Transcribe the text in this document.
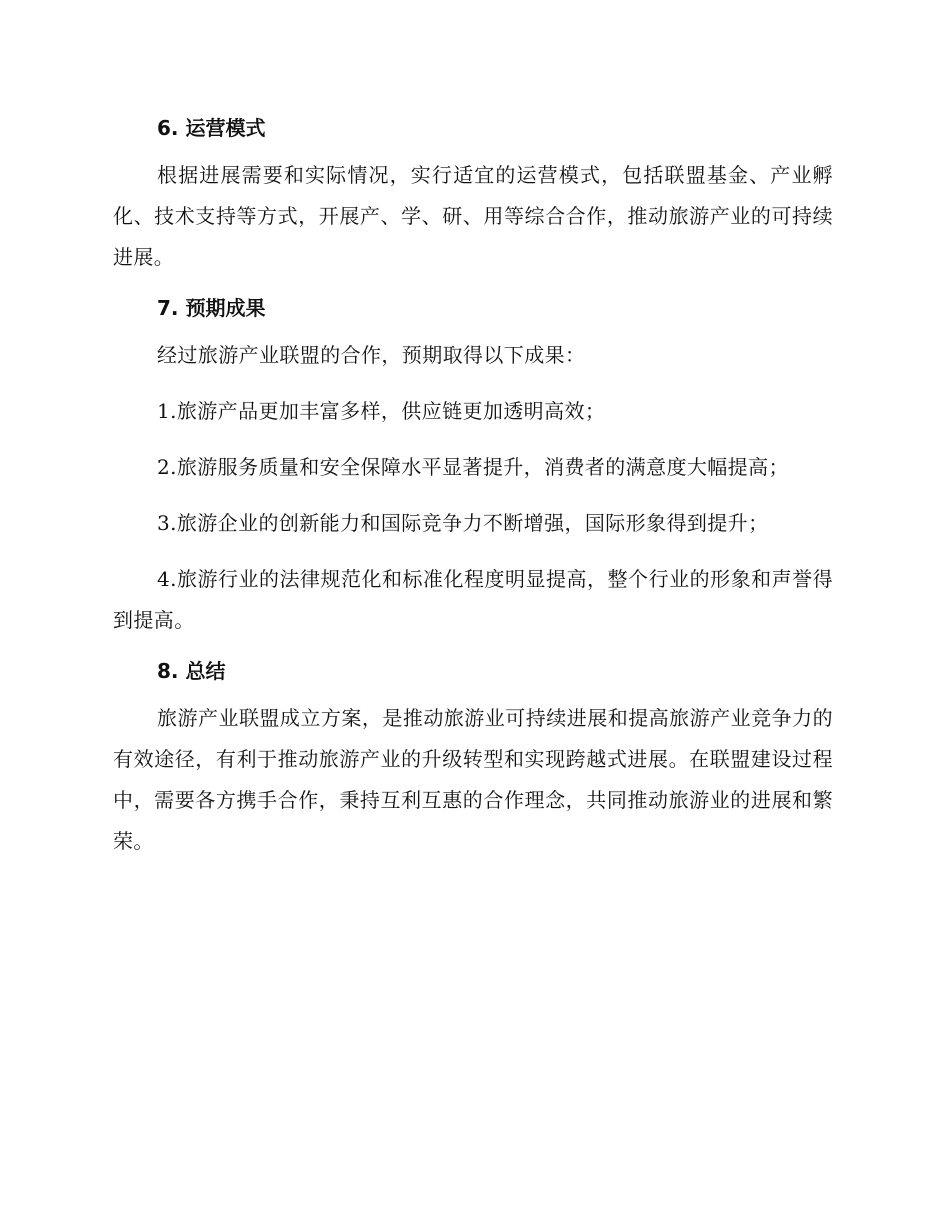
6. 运营模式

根据进展需要和实际情况，实行适宜的运营模式，包括联盟基金、产业孵化、技术支持等方式，开展产、学、研、用等综合合作，推动旅游产业的可持续进展。

7. 预期成果

经过旅游产业联盟的合作，预期取得以下成果：

1.旅游产品更加丰富多样，供应链更加透明高效；

2.旅游服务质量和安全保障水平显著提升，消费者的满意度大幅提高；

3.旅游企业的创新能力和国际竞争力不断增强，国际形象得到提升；

4.旅游行业的法律规范化和标准化程度明显提高，整个行业的形象和声誉得到提高。

8. 总结

旅游产业联盟成立方案，是推动旅游业可持续进展和提高旅游产业竞争力的有效途径，有利于推动旅游产业的升级转型和实现跨越式进展。在联盟建设过程中，需要各方携手合作，秉持互利互惠的合作理念，共同推动旅游业的进展和繁荣。
